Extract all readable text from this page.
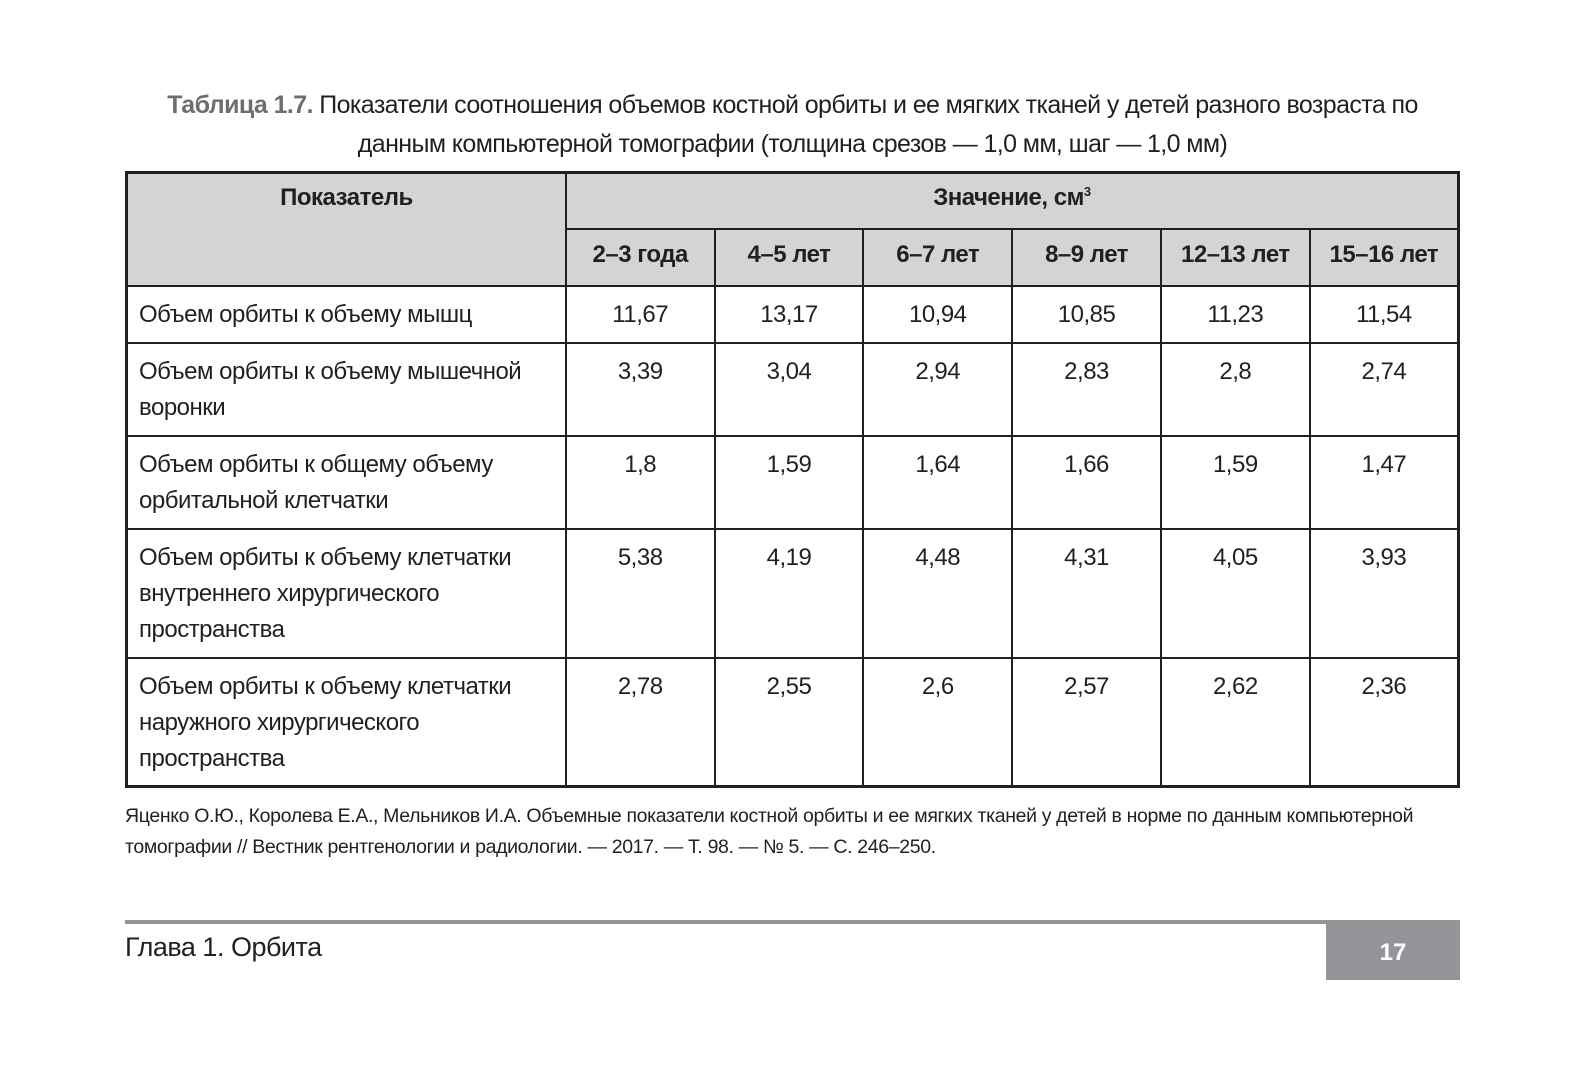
Таблица 1.7. Показатели соотношения объемов костной орбиты и ее мягких тканей у детей разного возраста по данным компьютерной томографии (толщина срезов — 1,0 мм, шаг — 1,0 мм)
Показатель	Значение, $см^3$
	2–3 года	4–5 лет	6–7 лет	8–9 лет	12–13 лет	15–16 лет
Объем орбиты к объему мышц	11,67	13,17	10,94	10,85	11,23	11,54
Объем орбиты к объему мышечной воронки	3,39	3,04	2,94	2,83	2,8	2,74
Объем орбиты к общему объему орбитальной клетчатки	1,8	1,59	1,64	1,66	1,59	1,47
Объем орбиты к объему клетчатки внутреннего хирургического пространства	5,38	4,19	4,48	4,31	4,05	3,93
Объем орбиты к объему клетчатки наружного хирургического пространства	2,78	2,55	2,6	2,57	2,62	2,36
Яценко О.Ю., Королева Е.А., Мельников И.А. Объемные показатели костной орбиты и ее мягких тканей у детей в норме по данным компьютерной томографии // Вестник рентгенологии и радиологии. — 2017. — Т. 98. — № 5. — С. 246–250.
Глава 1. Орбита	17
